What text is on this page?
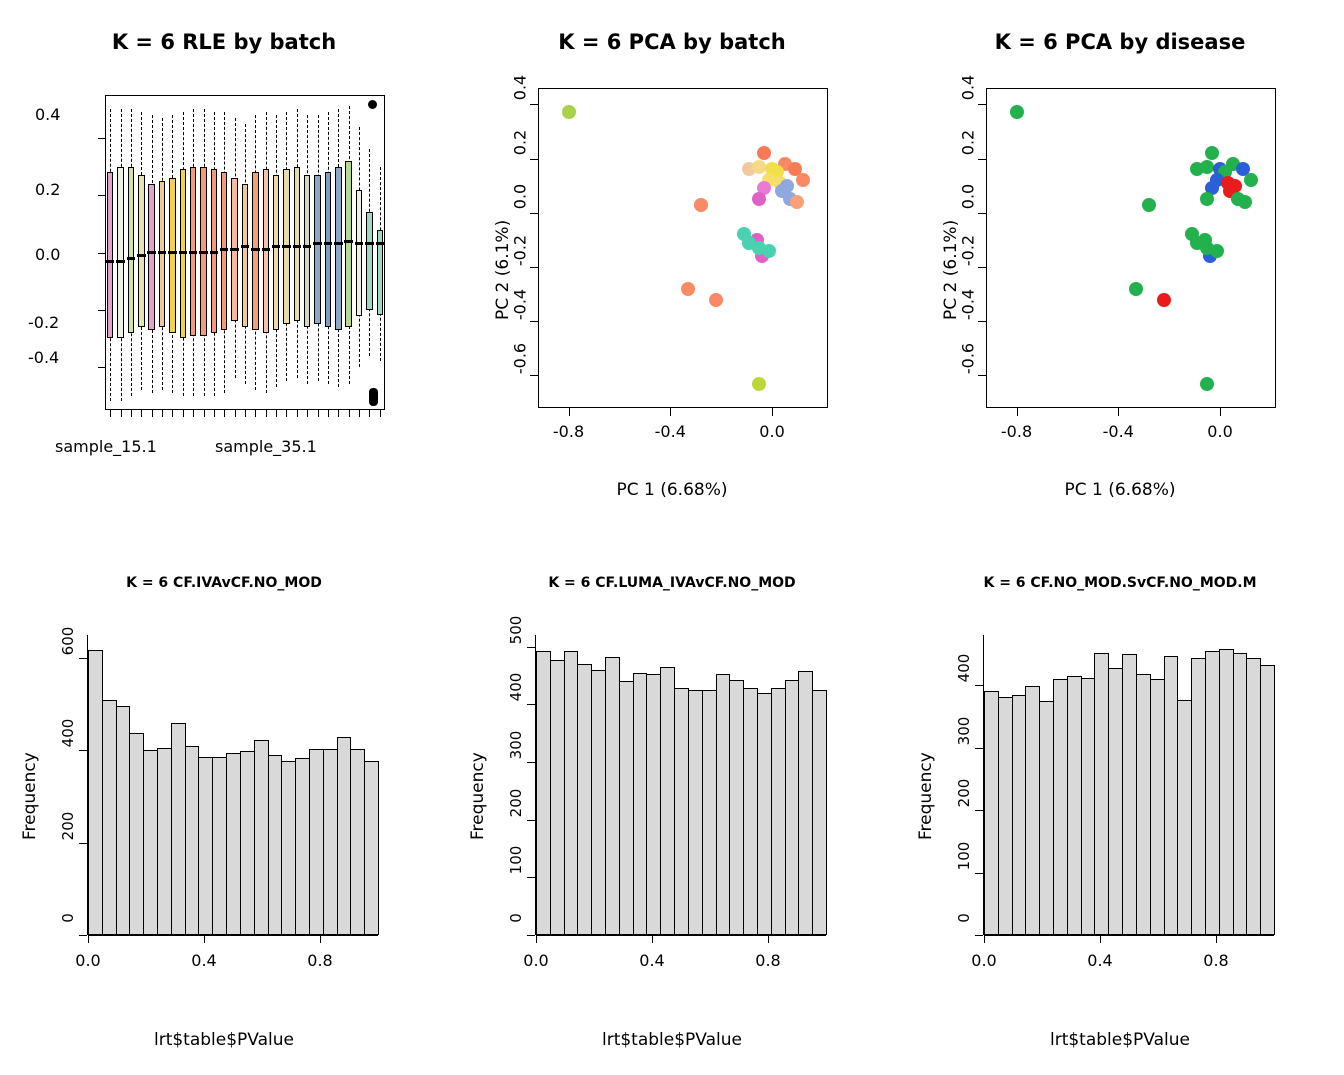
K = 6 RLE by batch
0.4
0.2
0.0
-0.2
-0.4
sample_15.1	sample_35.1
K = 6 PCA by batch
PC 2 (6.1%)
PC 1 (6.68%)
-0.8	-0.4	0.0
-0.6
-0.4
-0.2
0.0
0.2
0.4
K = 6 PCA by disease
PC 2 (6.1%)
PC 1 (6.68%)
-0.8	-0.4	0.0
-0.6
-0.4
-0.2
0.0
0.2
0.4
K = 6 CF.IVAvCF.NO_MOD
Frequency
lrt$table$PValue
0
200
400
600
0.0	0.4	0.8
K = 6 CF.LUMA_IVAvCF.NO_MOD
Frequency
lrt$table$PValue
0
100
200
300
400
500
0.0	0.4	0.8
K = 6 CF.NO_MOD.SvCF.NO_MOD.M
Frequency
lrt$table$PValue
0
100
200
300
400
0.0	0.4	0.8
